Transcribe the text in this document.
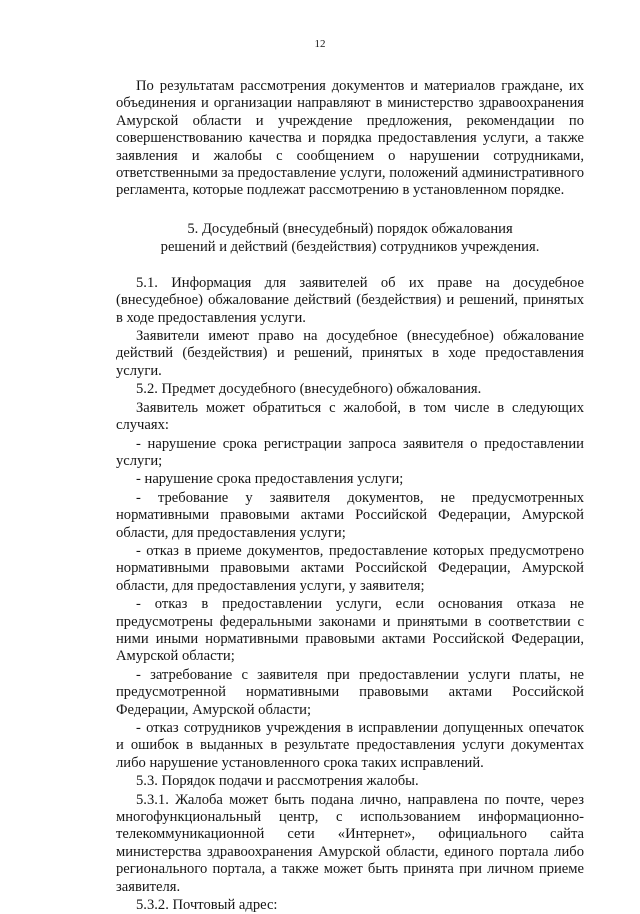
12

По результатам рассмотрения документов и материалов граждане, их объединения и организации направляют в министерство здравоохранения Амурской области и учреждение предложения, рекомендации по совершенствованию качества и порядка предоставления услуги, а также заявления и жалобы с сообщением о нарушении сотрудниками, ответственными за предоставление услуги, положений административного регламента, которые подлежат рассмотрению в установленном порядке.

5. Досудебный (внесудебный) порядок обжалования

решений и действий (бездействия) сотрудников учреждения.

5.1. Информация для заявителей об их праве на досудебное (внесудебное) обжалование действий (бездействия) и решений, принятых в ходе предоставления услуги.

Заявители имеют право на досудебное (внесудебное) обжалование действий (бездействия) и решений, принятых в ходе предоставления услуги.

5.2. Предмет досудебного (внесудебного) обжалования.

Заявитель может обратиться с жалобой, в том числе в следующих случаях:

- нарушение срока регистрации запроса заявителя о предоставлении услуги;

- нарушение срока предоставления услуги;

- требование у заявителя документов, не предусмотренных нормативными правовыми актами Российской Федерации, Амурской области, для предоставления услуги;

- отказ в приеме документов, предоставление которых предусмотрено нормативными правовыми актами Российской Федерации, Амурской области, для предоставления услуги, у заявителя;

- отказ в предоставлении услуги, если основания отказа не предусмотрены федеральными законами и принятыми в соответствии с ними иными нормативными правовыми актами Российской Федерации, Амурской области;

- затребование с заявителя при предоставлении услуги платы, не предусмотренной нормативными правовыми актами Российской Федерации, Амурской области;

- отказ сотрудников учреждения в исправлении допущенных опечаток и ошибок в выданных в результате предоставления услуги документах либо нарушение установленного срока таких исправлений.

5.3. Порядок подачи и рассмотрения жалобы.

5.3.1. Жалоба может быть подана лично, направлена по почте, через многофункциональный центр, с использованием информационно-телекоммуникационной сети «Интернет», официального сайта министерства здравоохранения Амурской области, единого портала либо регионального портала, а также может быть принята при личном приеме заявителя.

5.3.2. Почтовый адрес:
